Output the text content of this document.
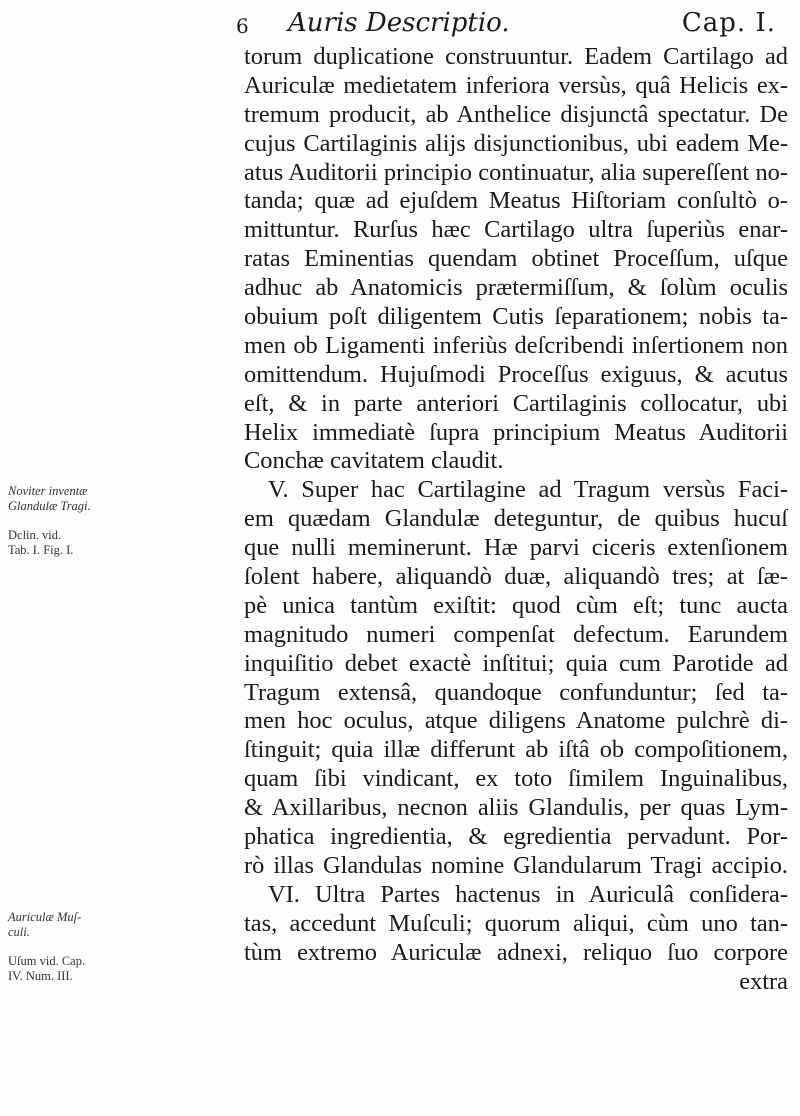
6 Auris Descriptio.	Cap. I.
torum duplicatione construuntur. Eadem Cartilago ad
Auriculæ medietatem inferiora versùs, quâ Helicis ex-
tremum producit, ab Anthelice disjunctâ spectatur. De
cujus Cartilaginis alijs disjunctionibus, ubi eadem Me-
atus Auditorii principio continuatur, alia supereſſent no-
tanda; quæ ad ejuſdem Meatus Hiſtoriam conſultò o-
mittuntur. Rurſus hæc Cartilago ultra ſuperiùs enar-
ratas Eminentias quendam obtinet Proceſſum, uſque
adhuc ab Anatomicis prætermiſſum, & ſolùm oculis
obuium poſt diligentem Cutis ſeparationem; nobis ta-
men ob Ligamenti inferiùs deſcribendi inſertionem non
omittendum. Hujuſmodi Proceſſus exiguus, & acutus
eſt, & in parte anteriori Cartilaginis collocatur, ubi
Helix immediatè ſupra principium Meatus Auditorii
Conchæ cavitatem claudit.
V. Super hac Cartilagine ad Tragum versùs Faci-
em quædam Glandulæ deteguntur, de quibus hucuſ
que nulli meminerunt. Hæ parvi ciceris extenſionem
ſolent habere, aliquandò duæ, aliquandò tres; at ſæ-
pè unica tantùm exiſtit: quod cùm eſt; tunc aucta
magnitudo numeri compenſat defectum. Earundem
inquiſitio debet exactè inſtitui; quia cum Parotide ad
Tragum extensâ, quandoque confunduntur; ſed ta-
men hoc oculus, atque diligens Anatome pulchrè di-
ſtinguit; quia illæ differunt ab iſtâ ob compoſitionem,
quam ſibi vindicant, ex toto ſimilem Inguinalibus,
& Axillaribus, necnon aliis Glandulis, per quas Lym-
phatica ingredientia, & egredientia pervadunt. Por-
rò illas Glandulas nomine Glandularum Tragi accipio.
VI. Ultra Partes hactenus in Auriculâ conſidera-
tas, accedunt Muſculi; quorum aliqui, cùm uno tan-
tùm extremo Auriculæ adnexi, reliquo ſuo corpore
extra
Noviter inventæ
Glandulæ Tragi.
Dclin. vid.
Tab. I. Fig. I.
Auriculæ Muſ-
culi.
Uſum vid. Cap.
IV. Num. III.
